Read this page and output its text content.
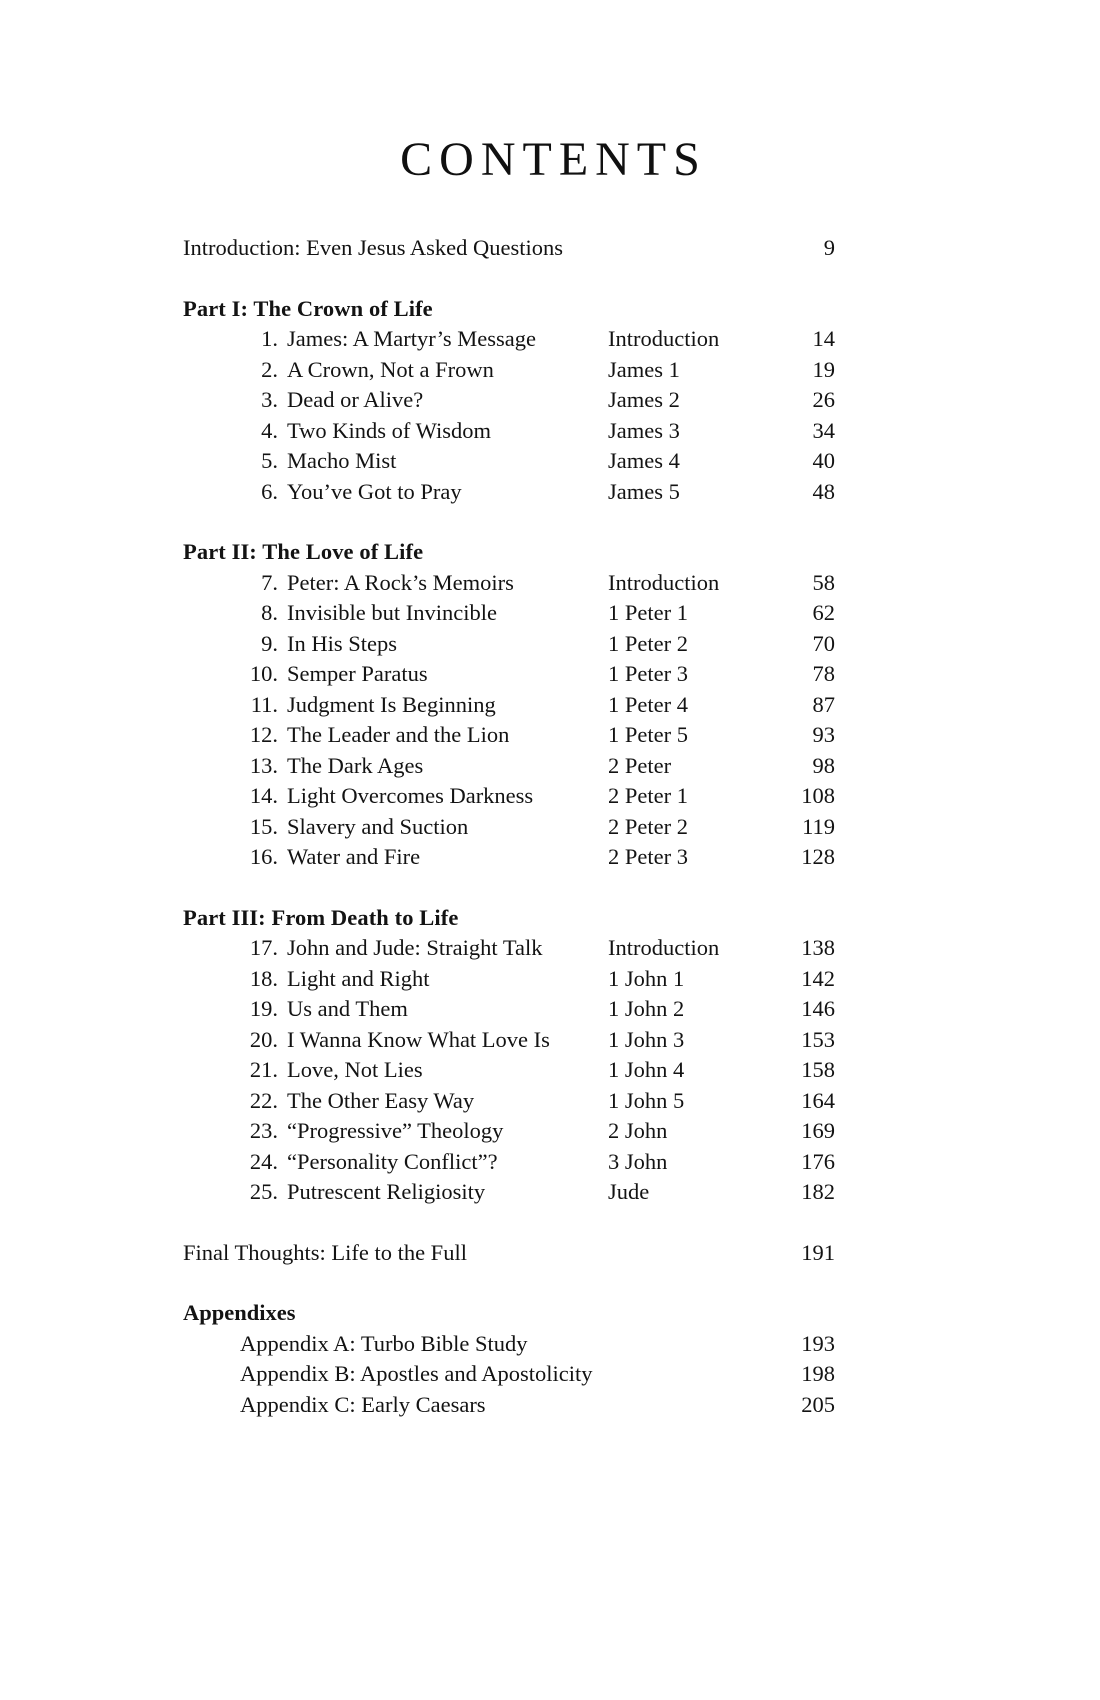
CONTENTS
Introduction: Even Jesus Asked Questions	9
Part I: The Crown of Life
1. James: A Martyr’s Message	Introduction	14
2. A Crown, Not a Frown	James 1	19
3. Dead or Alive?	James 2	26
4. Two Kinds of Wisdom	James 3	34
5. Macho Mist	James 4	40
6. You’ve Got to Pray	James 5	48
Part II: The Love of Life
7. Peter: A Rock’s Memoirs	Introduction	58
8. Invisible but Invincible	1 Peter 1	62
9. In His Steps	1 Peter 2	70
10. Semper Paratus	1 Peter 3	78
11. Judgment Is Beginning	1 Peter 4	87
12. The Leader and the Lion	1 Peter 5	93
13. The Dark Ages	2 Peter	98
14. Light Overcomes Darkness	2 Peter 1	108
15. Slavery and Suction	2 Peter 2	119
16. Water and Fire	2 Peter 3	128
Part III: From Death to Life
17. John and Jude: Straight Talk	Introduction	138
18. Light and Right	1 John 1	142
19. Us and Them	1 John 2	146
20. I Wanna Know What Love Is	1 John 3	153
21. Love, Not Lies	1 John 4	158
22. The Other Easy Way	1 John 5	164
23. “Progressive” Theology	2 John	169
24. “Personality Conflict”?	3 John	176
25. Putrescent Religiosity	Jude	182
Final Thoughts: Life to the Full	191
Appendixes
Appendix A: Turbo Bible Study	193
Appendix B: Apostles and Apostolicity	198
Appendix C: Early Caesars	205
